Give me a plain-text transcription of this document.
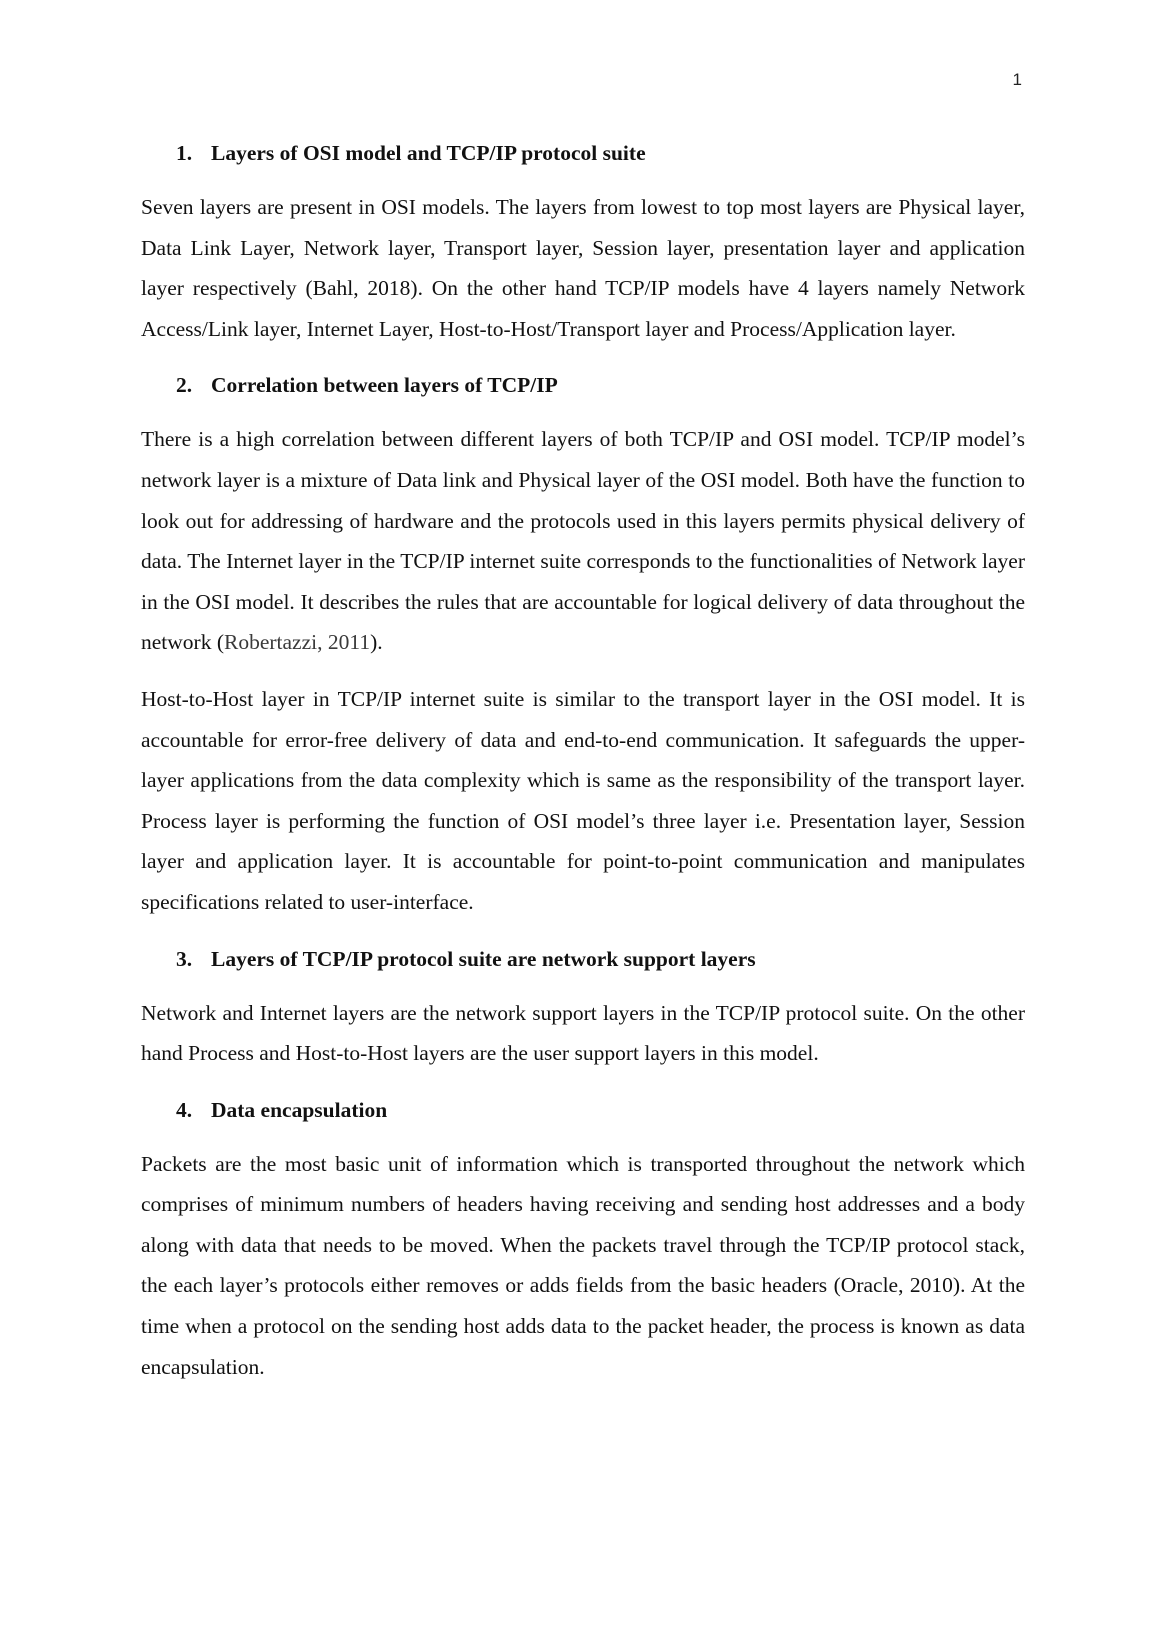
1
1. Layers of OSI model and TCP/IP protocol suite

Seven layers are present in OSI models. The layers from lowest to top most layers are Physical layer, Data Link Layer, Network layer, Transport layer, Session layer, presentation layer and application layer respectively (Bahl, 2018). On the other hand TCP/IP models have 4 layers namely Network Access/Link layer, Internet Layer, Host-to-Host/Transport layer and Process/Application layer.

2. Correlation between layers of TCP/IP

There is a high correlation between different layers of both TCP/IP and OSI model. TCP/IP model’s network layer is a mixture of Data link and Physical layer of the OSI model. Both have the function to look out for addressing of hardware and the protocols used in this layers permits physical delivery of data. The Internet layer in the TCP/IP internet suite corresponds to the functionalities of Network layer in the OSI model. It describes the rules that are accountable for logical delivery of data throughout the network (Robertazzi, 2011).

Host-to-Host layer in TCP/IP internet suite is similar to the transport layer in the OSI model. It is accountable for error-free delivery of data and end-to-end communication. It safeguards the upper-layer applications from the data complexity which is same as the responsibility of the transport layer. Process layer is performing the function of OSI model’s three layer i.e. Presentation layer, Session layer and application layer. It is accountable for point-to-point communication and manipulates specifications related to user-interface.

3. Layers of TCP/IP protocol suite are network support layers

Network and Internet layers are the network support layers in the TCP/IP protocol suite. On the other hand Process and Host-to-Host layers are the user support layers in this model.

4. Data encapsulation

Packets are the most basic unit of information which is transported throughout the network which comprises of minimum numbers of headers having receiving and sending host addresses and a body along with data that needs to be moved. When the packets travel through the TCP/IP protocol stack, the each layer’s protocols either removes or adds fields from the basic headers (Oracle, 2010). At the time when a protocol on the sending host adds data to the packet header, the process is known as data encapsulation.
